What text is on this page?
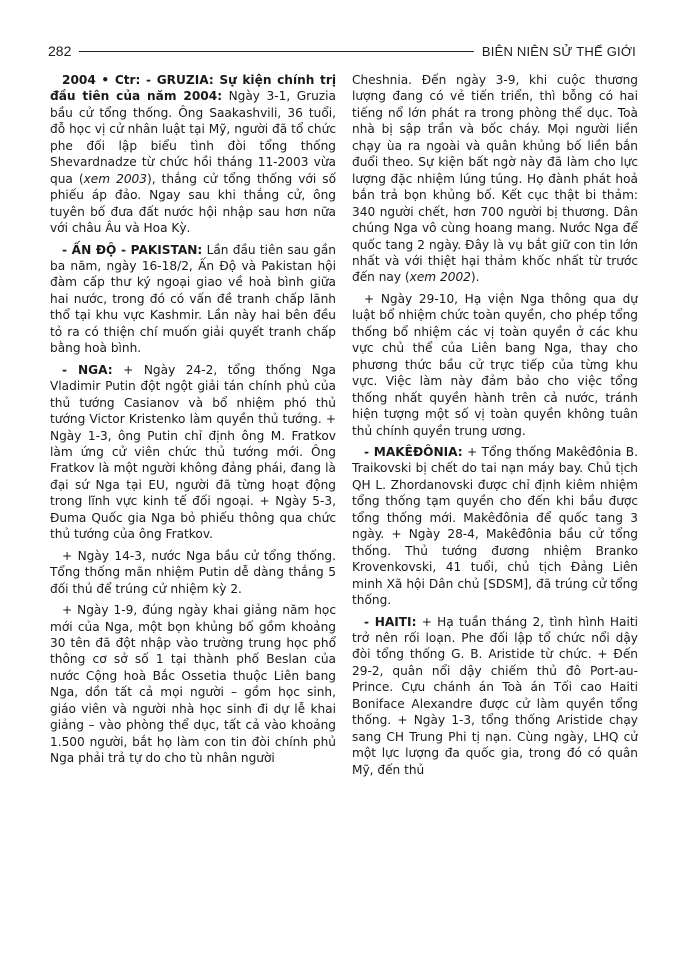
282	BIÊN NIÊN SỬ THẾ GIỚI

2004 • Ctr: - GRUZIA: Sự kiện chính trị đầu tiên của năm 2004: Ngày 3-1, Gruzia bầu cử tổng thống. Ông Saakashvili, 36 tuổi, đỗ học vị cử nhân luật tại Mỹ, người đã tổ chức phe đối lập biểu tình đòi tổng thống Shevardnadze từ chức hồi tháng 11-2003 vừa qua (xem 2003), thắng cử tổng thống với số phiếu áp đảo. Ngay sau khi thắng cử, ông tuyên bố đưa đất nước hội nhập sau hơn nữa với châu Âu và Hoa Kỳ.

- ẤN ĐỘ - PAKISTAN: Lần đầu tiên sau gần ba năm, ngày 16-18/2, Ấn Độ và Pakistan hội đàm cấp thư ký ngoại giao về hoà bình giữa hai nước, trong đó có vấn đề tranh chấp lãnh thổ tại khu vực Kashmir. Lần này hai bên đều tỏ ra có thiện chí muốn giải quyết tranh chấp bằng hoà bình.

- NGA: + Ngày 24-2, tổng thống Nga Vladimir Putin đột ngột giải tán chính phủ của thủ tướng Casianov và bổ nhiệm phó thủ tướng Victor Kristenko làm quyền thủ tướng. + Ngày 1-3, ông Putin chỉ định ông M. Fratkov làm ứng cử viên chức thủ tướng mới. Ông Fratkov là một người không đảng phái, đang là đại sứ Nga tại EU, người đã từng hoạt động trong lĩnh vực kinh tế đối ngoại. + Ngày 5-3, Đuma Quốc gia Nga bỏ phiếu thông qua chức thủ tướng của ông Fratkov.

+ Ngày 14-3, nước Nga bầu cử tổng thống. Tổng thống mãn nhiệm Putin dễ dàng thắng 5 đối thủ để trúng cử nhiệm kỳ 2.

+ Ngày 1-9, đúng ngày khai giảng năm học mới của Nga, một bọn khủng bố gồm khoảng 30 tên đã đột nhập vào trường trung học phổ thông cơ sở số 1 tại thành phố Beslan của nước Cộng hoà Bắc Ossetia thuộc Liên bang Nga, dồn tất cả mọi người – gồm học sinh, giáo viên và người nhà học sinh đi dự lễ khai giảng – vào phòng thể dục, tất cả vào khoảng 1.500 người, bắt họ làm con tin đòi chính phủ Nga phải trả tự do cho tù nhân người

Cheshnia. Đến ngày 3-9, khi cuộc thương lượng đang có vẻ tiến triển, thì bỗng có hai tiếng nổ lớn phát ra trong phòng thể dục. Toà nhà bị sập trần và bốc cháy. Mọi người liền chạy ùa ra ngoài và quân khủng bố liền bắn đuổi theo. Sự kiện bất ngờ này đã làm cho lực lượng đặc nhiệm lúng túng. Họ đành phát hoả bắn trả bọn khủng bố. Kết cục thật bi thảm: 340 người chết, hơn 700 người bị thương. Dân chúng Nga vô cùng hoang mang. Nước Nga để quốc tang 2 ngày. Đây là vụ bắt giữ con tin lớn nhất và với thiệt hại thảm khốc nhất từ trước đến nay (xem 2002).

+ Ngày 29-10, Hạ viện Nga thông qua dự luật bổ nhiệm chức toàn quyền, cho phép tổng thống bổ nhiệm các vị toàn quyền ở các khu vực chủ thể của Liên bang Nga, thay cho phương thức bầu cử trực tiếp của từng khu vực. Việc làm này đảm bảo cho việc tổng thống nhất quyền hành trên cả nước, tránh hiện tượng một số vị toàn quyền không tuân thủ chính quyền trung ương.

- MAKÊĐÔNIA: + Tổng thống Makêđônia B. Traikovski bị chết do tai nạn máy bay. Chủ tịch QH L. Zhordanovski được chỉ định kiêm nhiệm tổng thống tạm quyền cho đến khi bầu được tổng thống mới. Makêđônia để quốc tang 3 ngày. + Ngày 28-4, Makêđônia bầu cử tổng thống. Thủ tướng đương nhiệm Branko Krovenkovski, 41 tuổi, chủ tịch Đảng Liên minh Xã hội Dân chủ [SDSM], đã trúng cử tổng thống.

- HAITI: + Hạ tuần tháng 2, tình hình Haiti trở nên rối loạn. Phe đối lập tổ chức nổi dậy đòi tổng thống G. B. Aristide từ chức. + Đến 29-2, quân nổi dậy chiếm thủ đô Port-au-Prince. Cựu chánh án Toà án Tối cao Haiti Boniface Alexandre được cử làm quyền tổng thống. + Ngày 1-3, tổng thống Aristide chạy sang CH Trung Phi tị nạn. Cùng ngày, LHQ cử một lực lượng đa quốc gia, trong đó có quân Mỹ, đến thủ
